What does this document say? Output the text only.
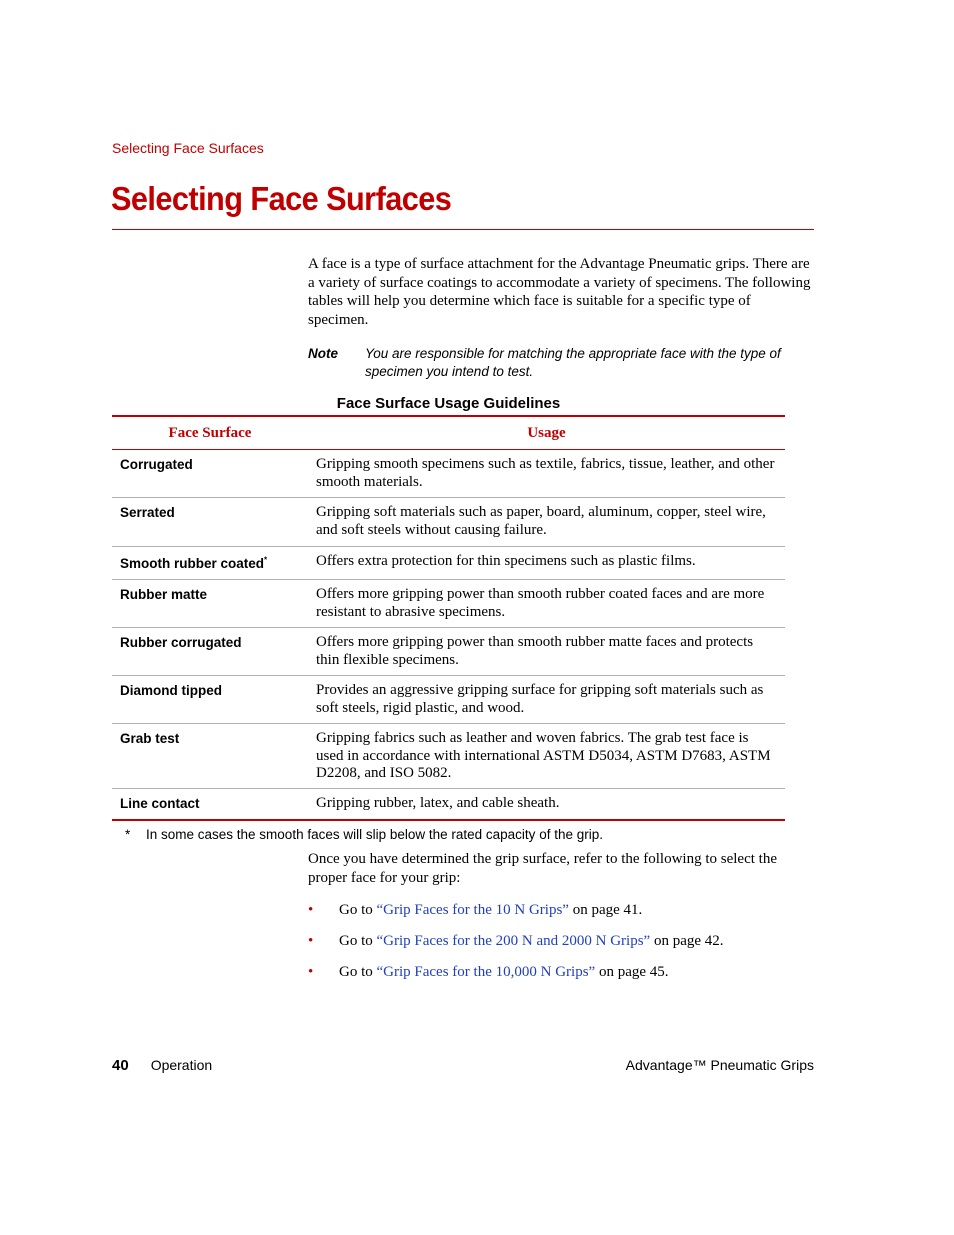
Selecting Face Surfaces
Selecting Face Surfaces

A face is a type of surface attachment for the Advantage Pneumatic grips. There are a variety of surface coatings to accommodate a variety of specimens. The following tables will help you determine which face is suitable for a specific type of specimen.

Note You are responsible for matching the appropriate face with the type of specimen you intend to test.
Face Surface Usage Guidelines
Face Surface	Usage
Corrugated	Gripping smooth specimens such as textile, fabrics, tissue, leather, and other smooth materials.
Serrated	Gripping soft materials such as paper, board, aluminum, copper, steel wire, and soft steels without causing failure.
Smooth rubber coated*	Offers extra protection for thin specimens such as plastic films.
Rubber matte	Offers more gripping power than smooth rubber coated faces and are more resistant to abrasive specimens.
Rubber corrugated	Offers more gripping power than smooth rubber matte faces and protects thin flexible specimens.
Diamond tipped	Provides an aggressive gripping surface for gripping soft materials such as soft steels, rigid plastic, and wood.
Grab test	Gripping fabrics such as leather and woven fabrics. The grab test face is used in accordance with international ASTM D5034, ASTM D7683, ASTM D2208, and ISO 5082.
Line contact	Gripping rubber, latex, and cable sheath.
* In some cases the smooth faces will slip below the rated capacity of the grip.

Once you have determined the grip surface, refer to the following to select the proper face for your grip:

• Go to “Grip Faces for the 10 N Grips” on page 41.
• Go to “Grip Faces for the 200 N and 2000 N Grips” on page 42.
• Go to “Grip Faces for the 10,000 N Grips” on page 45.
40 Operation	Advantage™ Pneumatic Grips
